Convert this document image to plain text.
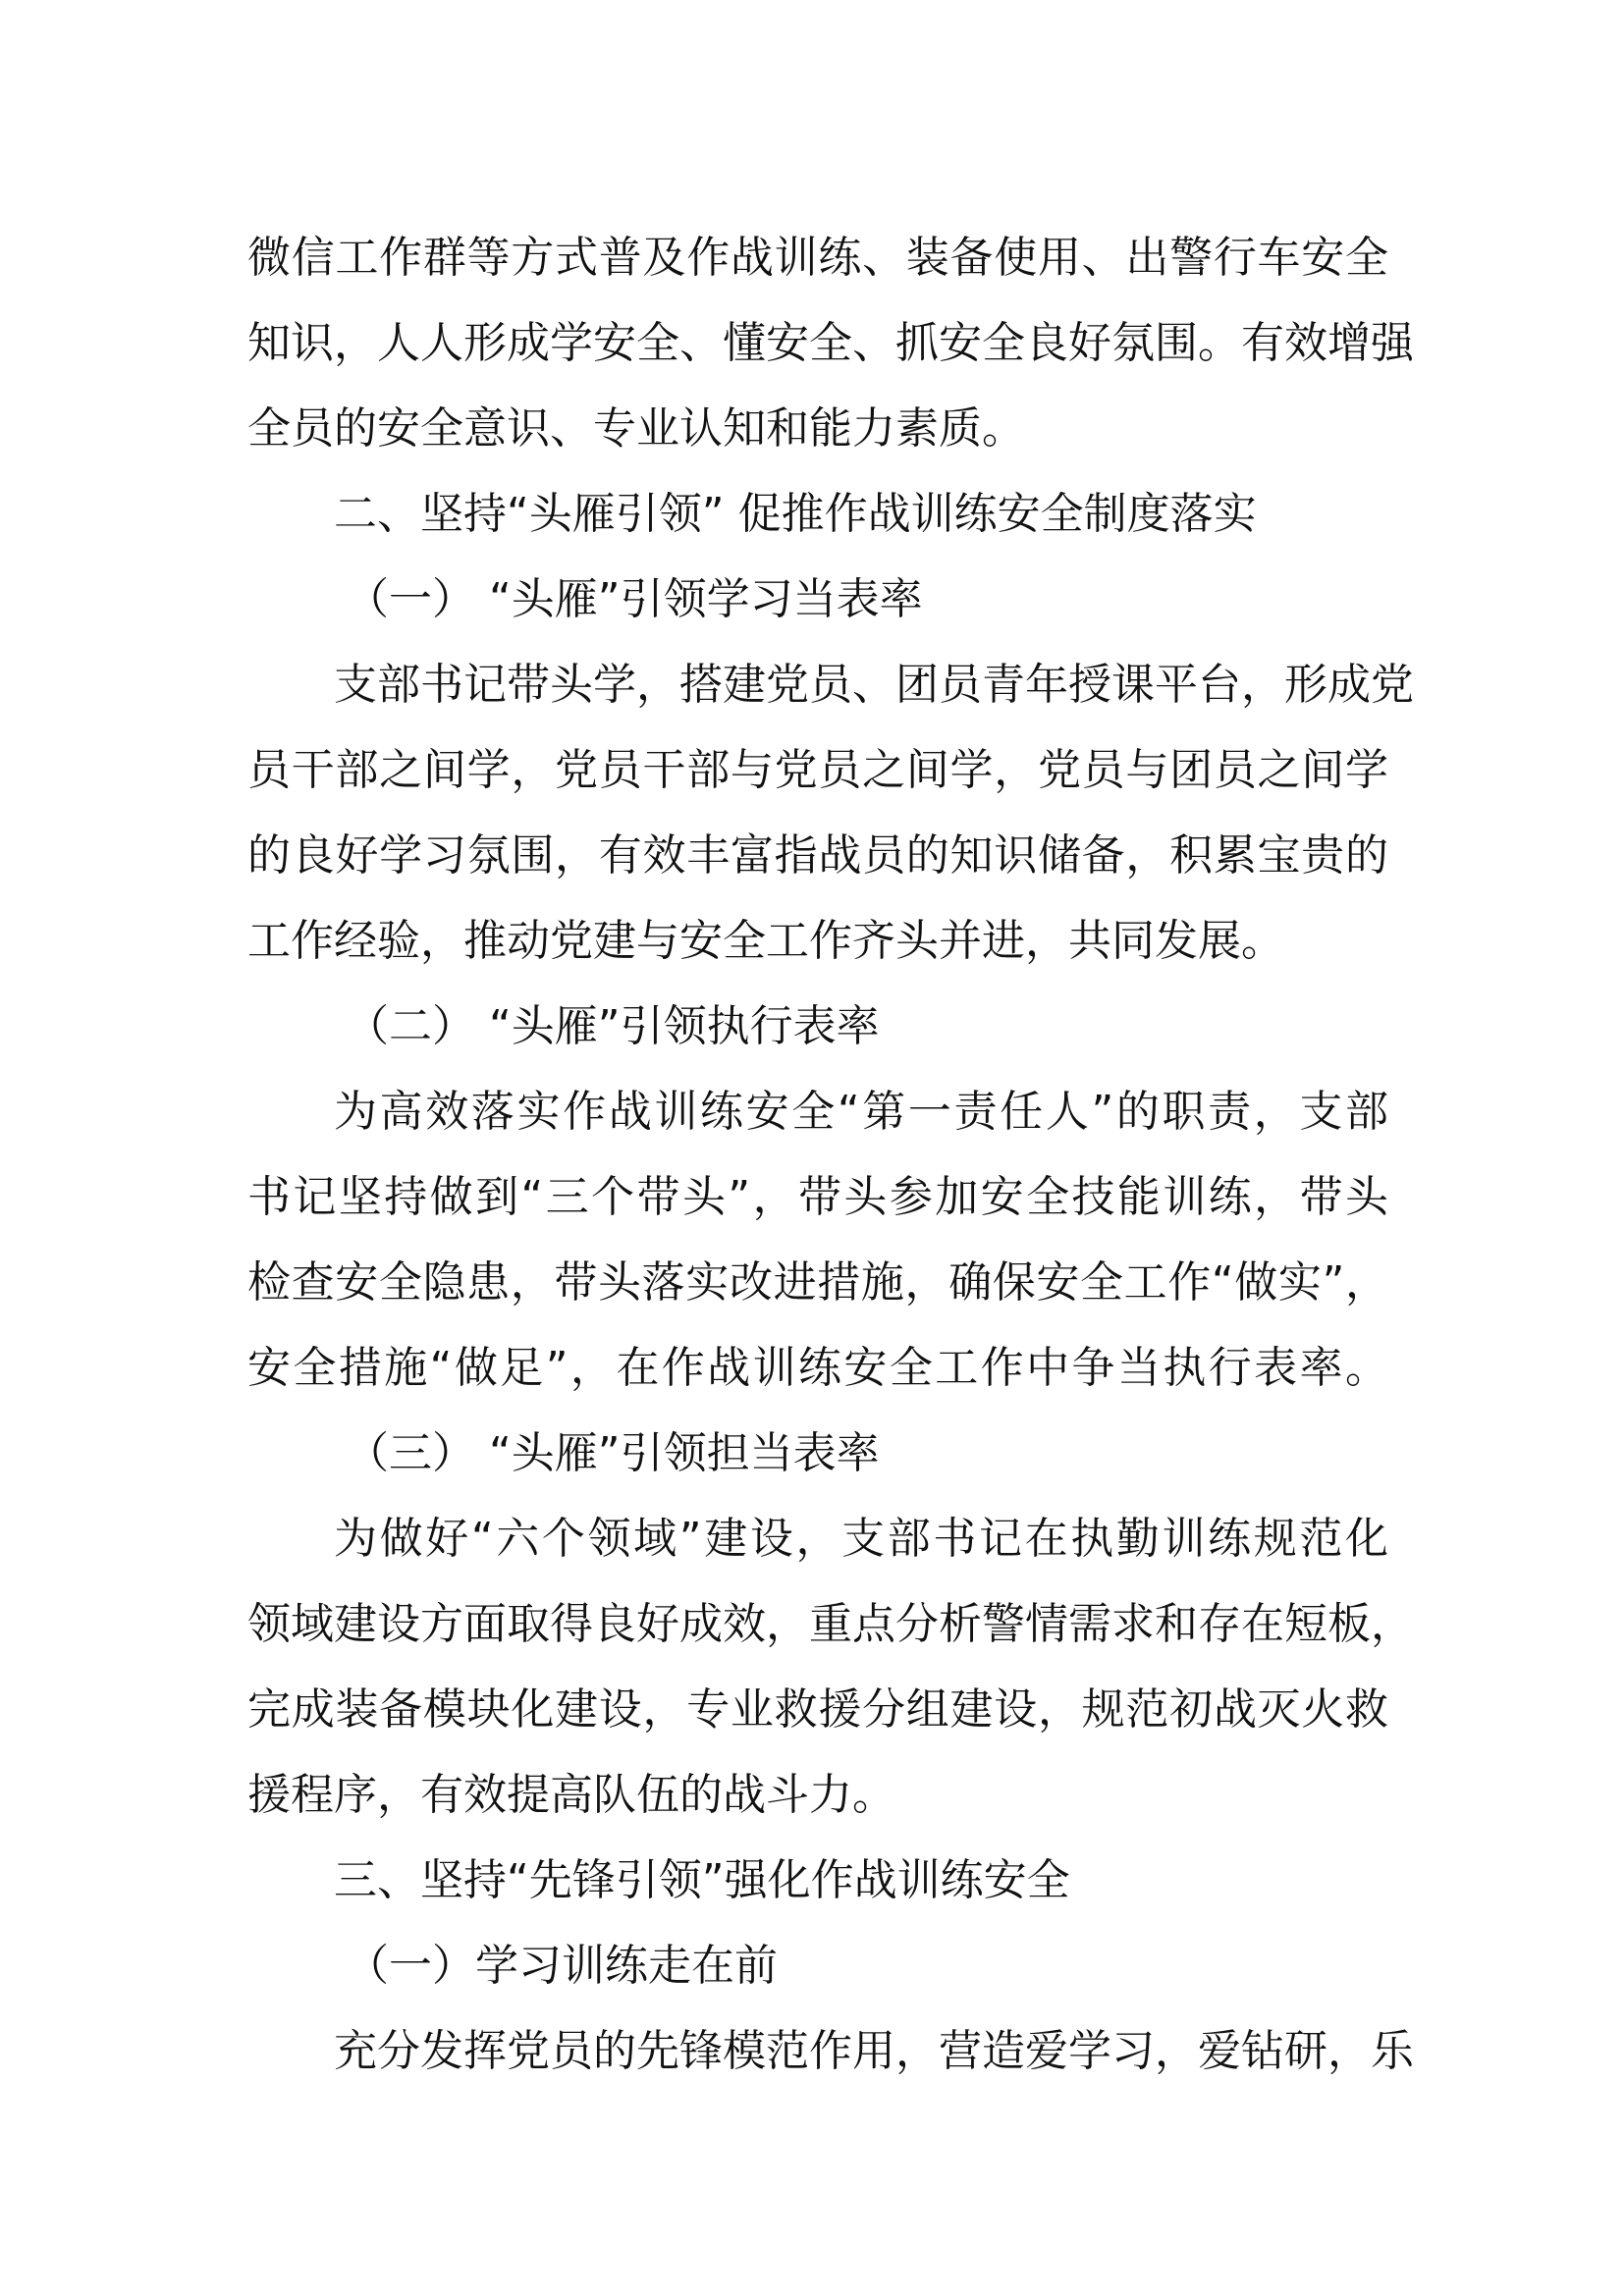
微信工作群等方式普及作战训练、装备使用、出警行车安全
知识，人人形成学安全、懂安全、抓安全良好氛围。有效增强
全员的安全意识、专业认知和能力素质。
二、坚持“头雁引领” 促推作战训练安全制度落实
（一） “头雁”引领学习当表率
支部书记带头学，搭建党员、团员青年授课平台，形成党
员干部之间学，党员干部与党员之间学，党员与团员之间学
的良好学习氛围，有效丰富指战员的知识储备，积累宝贵的
工作经验，推动党建与安全工作齐头并进，共同发展。
（二） “头雁”引领执行表率
为高效落实作战训练安全“第一责任人”的职责，支部
书记坚持做到“三个带头”，带头参加安全技能训练，带头
检查安全隐患，带头落实改进措施，确保安全工作“做实”，
安全措施“做足”，在作战训练安全工作中争当执行表率。
（三） “头雁”引领担当表率
为做好“六个领域”建设，支部书记在执勤训练规范化
领域建设方面取得良好成效，重点分析警情需求和存在短板，
完成装备模块化建设，专业救援分组建设，规范初战灭火救
援程序，有效提高队伍的战斗力。
三、坚持“先锋引领”强化作战训练安全
（一）学习训练走在前
充分发挥党员的先锋模范作用，营造爱学习，爱钻研，乐
